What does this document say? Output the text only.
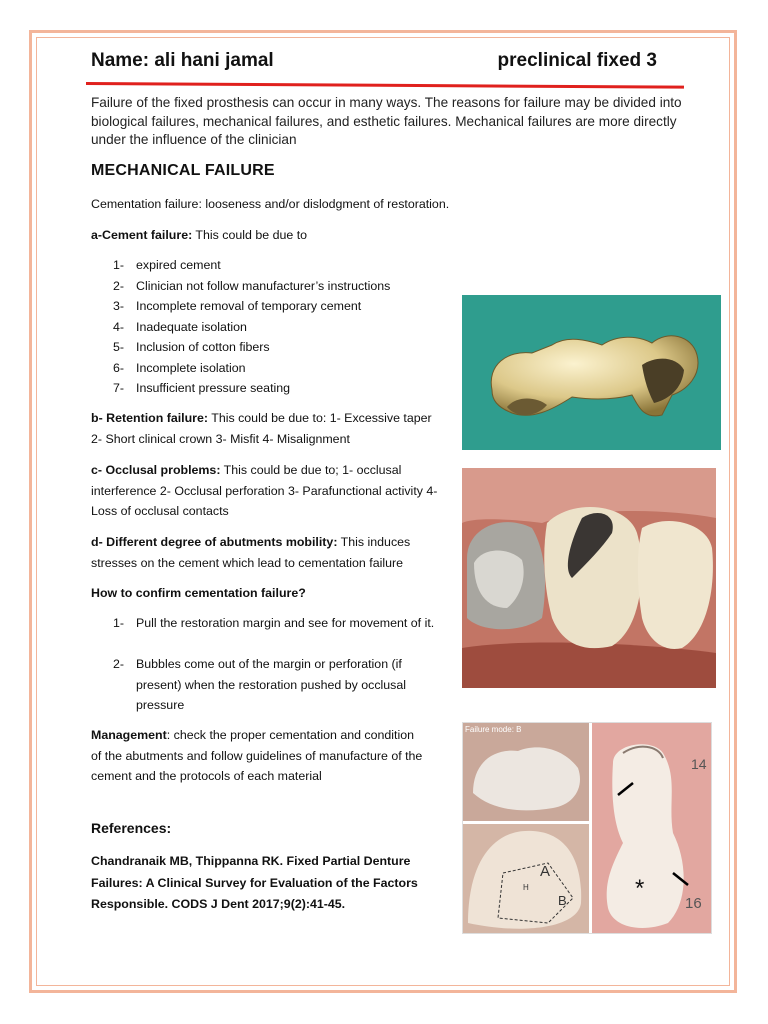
Name: ali hani jamal	preclinical fixed 3

Failure of the fixed prosthesis can occur in many ways. The reasons for failure may be divided into biological failures, mechanical failures, and esthetic failures. Mechanical failures are more directly under the influence of the clinician

MECHANICAL FAILURE
Cementation failure: looseness and/or dislodgment of restoration.
a-Cement failure: This could be due to
1- expired cement
2- Clinician not follow manufacturer’s instructions
3- Incomplete removal of temporary cement
4- Inadequate isolation
5- Inclusion of cotton fibers
6- Incomplete isolation
7- Insufficient pressure seating
b- Retention failure: This could be due to: 1- Excessive taper 2- Short clinical crown 3- Misfit 4- Misalignment
c- Occlusal problems: This could be due to; 1- occlusal interference 2- Occlusal perforation 3- Parafunctional activity 4- Loss of occlusal contacts
d- Different degree of abutments mobility: This induces stresses on the cement which lead to cementation failure
How to confirm cementation failure?
1- Pull the restoration margin and see for movement of it.
2- Bubbles come out of the margin or perforation (if present) when the restoration pushed by occlusal pressure
Management: check the proper cementation and condition of the abutments and follow guidelines of manufacture of the cement and the protocols of each material
References:
Chandranaik MB, Thippanna RK. Fixed Partial Denture Failures: A Clinical Survey for Evaluation of the Factors Responsible. CODS J Dent 2017;9(2):41-45.
Failure mode: B
A
B
H
14
16
*
